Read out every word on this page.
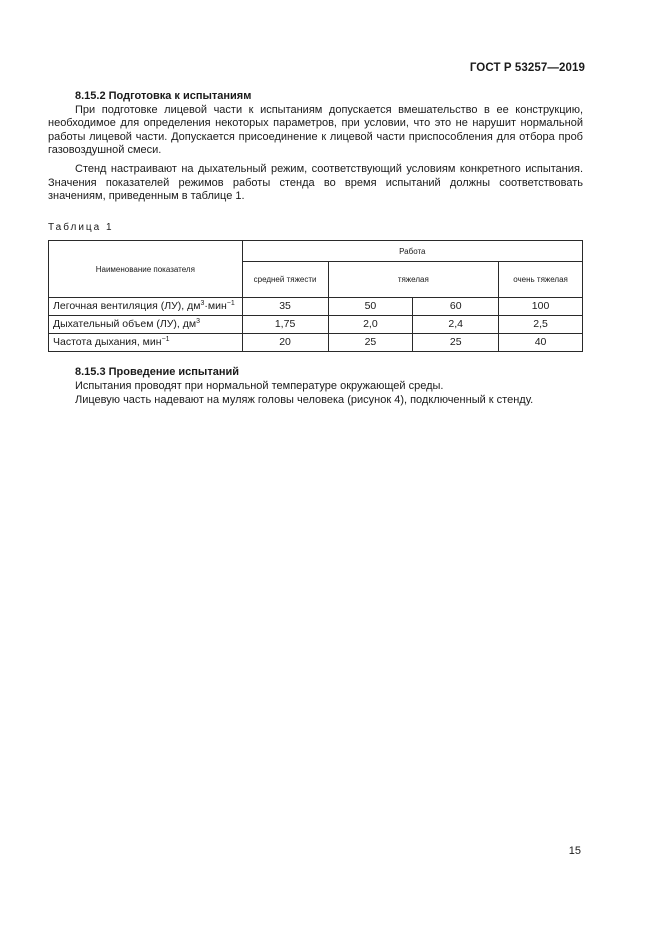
ГОСТ Р 53257—2019
8.15.2 Подготовка к испытаниям
При подготовке лицевой части к испытаниям допускается вмешательство в ее конструкцию, необходимое для определения некоторых параметров, при условии, что это не нарушит нормальной работы лицевой части. Допускается присоединение к лицевой части приспособления для отбора проб газовоздушной смеси.
Стенд настраивают на дыхательный режим, соответствующий условиям конкретного испытания. Значения показателей режимов работы стенда во время испытаний должны соответствовать значениям, приведенным в таблице 1.
Таблица 1
Наименование показателя	Работа			
	средней тяжести	тяжелая		очень тяжелая
Легочная вентиляция (ЛУ), $дм^3\cdot мин^{-1}$	35	50	60	100
Дыхательный объем (ЛУ), $дм^3$	1,75	2,0	2,4	2,5
Частота дыхания, мин$^{-1}$	20	25	25	40
8.15.3 Проведение испытаний
Испытания проводят при нормальной температуре окружающей среды.
Лицевую часть надевают на муляж головы человека (рисунок 4), подключенный к стенду.
15
